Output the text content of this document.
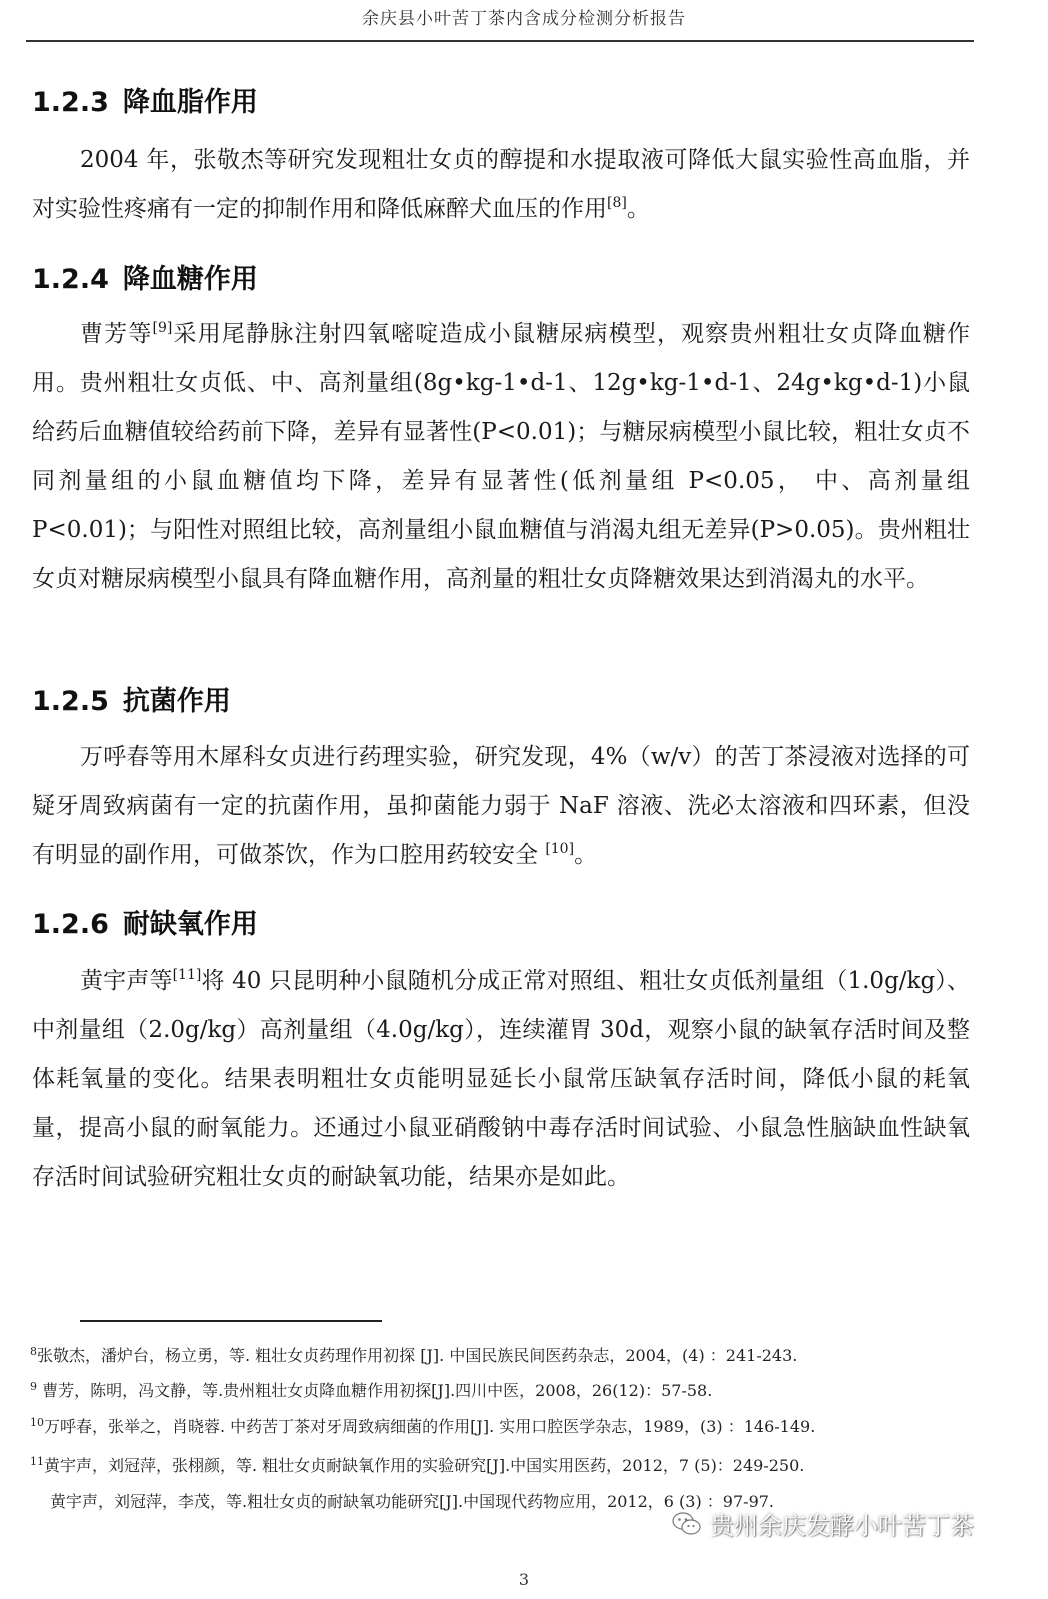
余庆县小叶苦丁茶内含成分检测分析报告
1.2.3 降血脂作用

2004 年，张敬杰等研究发现粗壮女贞的醇提和水提取液可降低大鼠实验性高血脂，并对实验性疼痛有一定的抑制作用和降低麻醉犬血压的作用[8]。

1.2.4 降血糖作用

曹芳等[9]采用尾静脉注射四氧嘧啶造成小鼠糖尿病模型，观察贵州粗壮女贞降血糖作用。贵州粗壮女贞低、中、高剂量组(8g•kg-1•d-1、12g•kg-1•d-1、24g•kg•d-1)小鼠给药后血糖值较给药前下降，差异有显著性(P<0.01)；与糖尿病模型小鼠比较，粗壮女贞不同剂量组的小鼠血糖值均下降，差异有显著性(低剂量组 P<0.05， 中、高剂量组P<0.01)；与阳性对照组比较，高剂量组小鼠血糖值与消渴丸组无差异(P>0.05)。贵州粗壮女贞对糖尿病模型小鼠具有降血糖作用，高剂量的粗壮女贞降糖效果达到消渴丸的水平。

1.2.5 抗菌作用

万呼春等用木犀科女贞进行药理实验，研究发现，4%（w/v）的苦丁茶浸液对选择的可疑牙周致病菌有一定的抗菌作用，虽抑菌能力弱于 NaF 溶液、洗必太溶液和四环素，但没有明显的副作用，可做茶饮，作为口腔用药较安全 [10]。

1.2.6 耐缺氧作用

黄宇声等[11]将 40 只昆明种小鼠随机分成正常对照组、粗壮女贞低剂量组（1.0g/kg）、中剂量组（2.0g/kg）高剂量组（4.0g/kg），连续灌胃 30d，观察小鼠的缺氧存活时间及整体耗氧量的变化。结果表明粗壮女贞能明显延长小鼠常压缺氧存活时间，降低小鼠的耗氧量，提高小鼠的耐氧能力。还通过小鼠亚硝酸钠中毒存活时间试验、小鼠急性脑缺血性缺氧存活时间试验研究粗壮女贞的耐缺氧功能，结果亦是如此。

$^8$张敬杰，潘炉台，杨立勇，等. 粗壮女贞药理作用初探 [J]. 中国民族民间医药杂志，2004，(4) ：241-243.
$^9$ 曹芳，陈明，冯文静，等.贵州粗壮女贞降血糖作用初探[J].四川中医，2008，26(12)：57-58.
$^{10}$万呼春，张举之，肖晓蓉. 中药苦丁茶对牙周致病细菌的作用[J]. 实用口腔医学杂志，1989，(3) ：146-149.
$^{11}$黄宇声，刘冠萍，张栩颜，等. 粗壮女贞耐缺氧作用的实验研究[J].中国实用医药，2012，7 (5)：249-250.
黄宇声，刘冠萍，李茂，等.粗壮女贞的耐缺氧功能研究[J].中国现代药物应用，2012，6 (3) ：97-97.
3
贵州余庆发酵小叶苦丁茶
